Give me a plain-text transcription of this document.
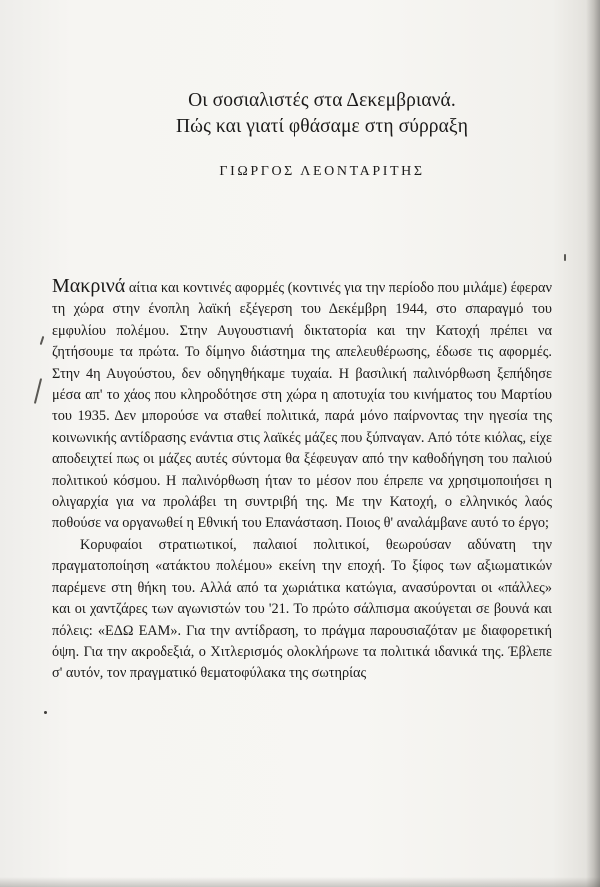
Οι σοσιαλιστές στα Δεκεμβριανά.
Πώς και γιατί φθάσαμε στη σύρραξη
ΓΙΩΡΓΟΣ ΛΕΟΝΤΑΡΙΤΗΣ

Μακρινά αίτια και κοντινές αφορμές (κοντινές για την περίοδο που μιλάμε) έφεραν τη χώρα στην ένοπλη λαϊκή εξέγερση του Δεκέμβρη 1944, στο σπαραγμό του εμφυλίου πολέμου. Στην Αυγουστιανή δικτατορία και την Κατοχή πρέπει να ζητήσουμε τα πρώτα. Το δίμηνο διάστημα της απελευθέρωσης, έδωσε τις αφορμές. Στην 4η Αυγούστου, δεν οδηγηθήκαμε τυχαία. Η βασιλική παλινόρθωση ξεπήδησε μέσα απ' το χάος που κληροδότησε στη χώρα η αποτυχία του κινήματος του Μαρτίου του 1935. Δεν μπορούσε να σταθεί πολιτικά, παρά μόνο παίρνοντας την ηγεσία της κοινωνικής αντίδρασης ενάντια στις λαϊκές μάζες που ξύπναγαν. Από τότε κιόλας, είχε αποδειχτεί πως οι μάζες αυτές σύντομα θα ξέφευγαν από την καθοδήγηση του παλιού πολιτικού κόσμου. Η παλινόρθωση ήταν το μέσον που έπρεπε να χρησιμοποιήσει η ολιγαρχία για να προλάβει τη συντριβή της. Με την Κατοχή, ο ελληνικός λαός ποθούσε να οργανωθεί η Εθνική του Επανάσταση. Ποιος θ' αναλάμβανε αυτό το έργο;

Κορυφαίοι στρατιωτικοί, παλαιοί πολιτικοί, θεωρούσαν αδύνατη την πραγματοποίηση «ατάκτου πολέμου» εκείνη την εποχή. Το ξίφος των αξιωματικών παρέμενε στη θήκη του. Αλλά από τα χωριάτικα κατώγια, ανασύρονται οι «πάλλες» και οι χαντζάρες των αγωνιστών του '21. Το πρώτο σάλπισμα ακούγεται σε βουνά και πόλεις: «ΕΔΩ ΕΑΜ». Για την αντίδραση, το πράγμα παρουσιαζόταν με διαφορετική όψη. Για την ακροδεξιά, ο Χιτλερισμός ολοκλήρωνε τα πολιτικά ιδανικά της. Έβλεπε σ' αυτόν, τον πραγματικό θεματοφύλακα της σωτηρίας
